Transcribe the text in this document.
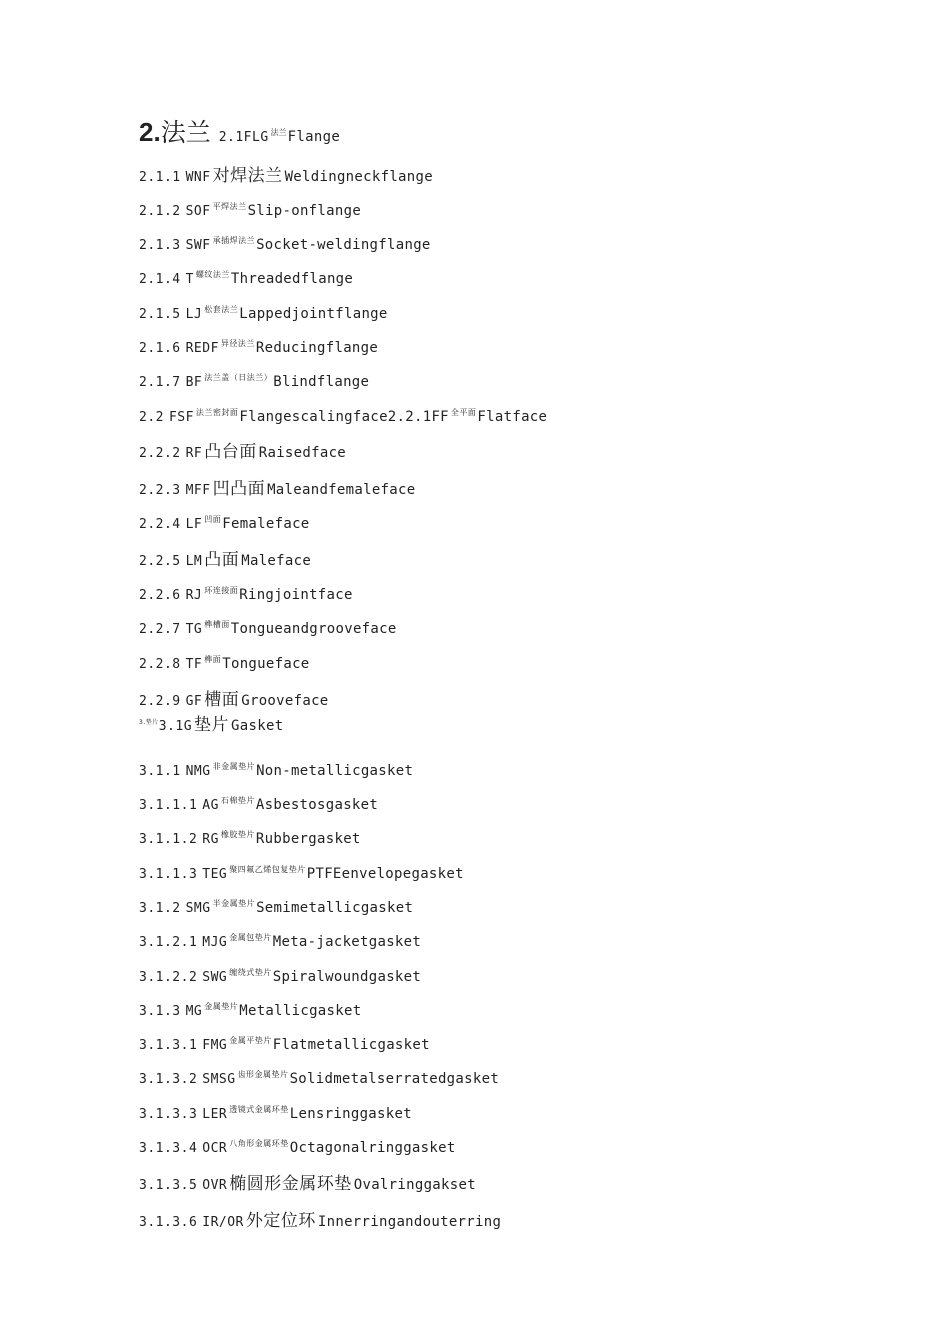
2.法兰 2.1FLG $^{法兰}$Flange
2.1.1 WNF 对焊法兰 Weldingneckflange
2.1.2 SOF $^{平焊法兰}$Slip-onflange
2.1.3 SWF $^{承插焊法兰}$Socket-weldingflange
2.1.4 T $^{螺纹法兰}$Threadedflange
2.1.5 LJ $^{松套法兰}$Lappedjointflange
2.1.6 REDF $^{异径法兰}$Reducingflange
2.1.7 BF $^{法兰盖(日法兰)}$Blindflange
2.2 FSF $^{法兰密封面}$Flangescalingface2.2.1FF $^{全平面}$Flatface
2.2.2 RF 凸台面 Raisedface
2.2.3 MFF 凹凸面 Maleandfemaleface
2.2.4 LF $^{凹面}$Femaleface
2.2.5 LM 凸面 Maleface
2.2.6 RJ $^{环连接面}$Ringjointface
2.2.7 TG $^{榫槽面}$Tongueandgrooveface
2.2.8 TF $^{榫面}$Tongueface
2.2.9 GF 槽面 Grooveface
$^{3.垫片}$3.1G 垫片 Gasket
3.1.1 NMG $^{非金属垫片}$Non-metallicgasket
3.1.1.1 AG $^{石棉垫片}$Asbestosgasket
3.1.1.2 RG $^{橡胶垫片}$Rubbergasket
3.1.1.3 TEG $^{聚四氟乙烯包复垫片}$PTFEenvelopegasket
3.1.2 SMG $^{半金属垫片}$Semimetallicgasket
3.1.2.1 MJG $^{金属包垫片}$Meta-jacketgasket
3.1.2.2 SWG $^{缠绕式垫片}$Spiralwoundgasket
3.1.3 MG $^{金属垫片}$Metallicgasket
3.1.3.1 FMG $^{金属平垫片}$Flatmetallicgasket
3.1.3.2 SMSG $^{齿形金属垫片}$Solidmetalserratedgasket
3.1.3.3 LER $^{透镜式金属环垫}$Lensringgasket
3.1.3.4 OCR $^{八角形金属环垫}$Octagonalringgasket
3.1.3.5 OVR 椭圆形金属环垫 Ovalringgakset
3.1.3.6 IR/OR 外定位环 Innerringandouterring
